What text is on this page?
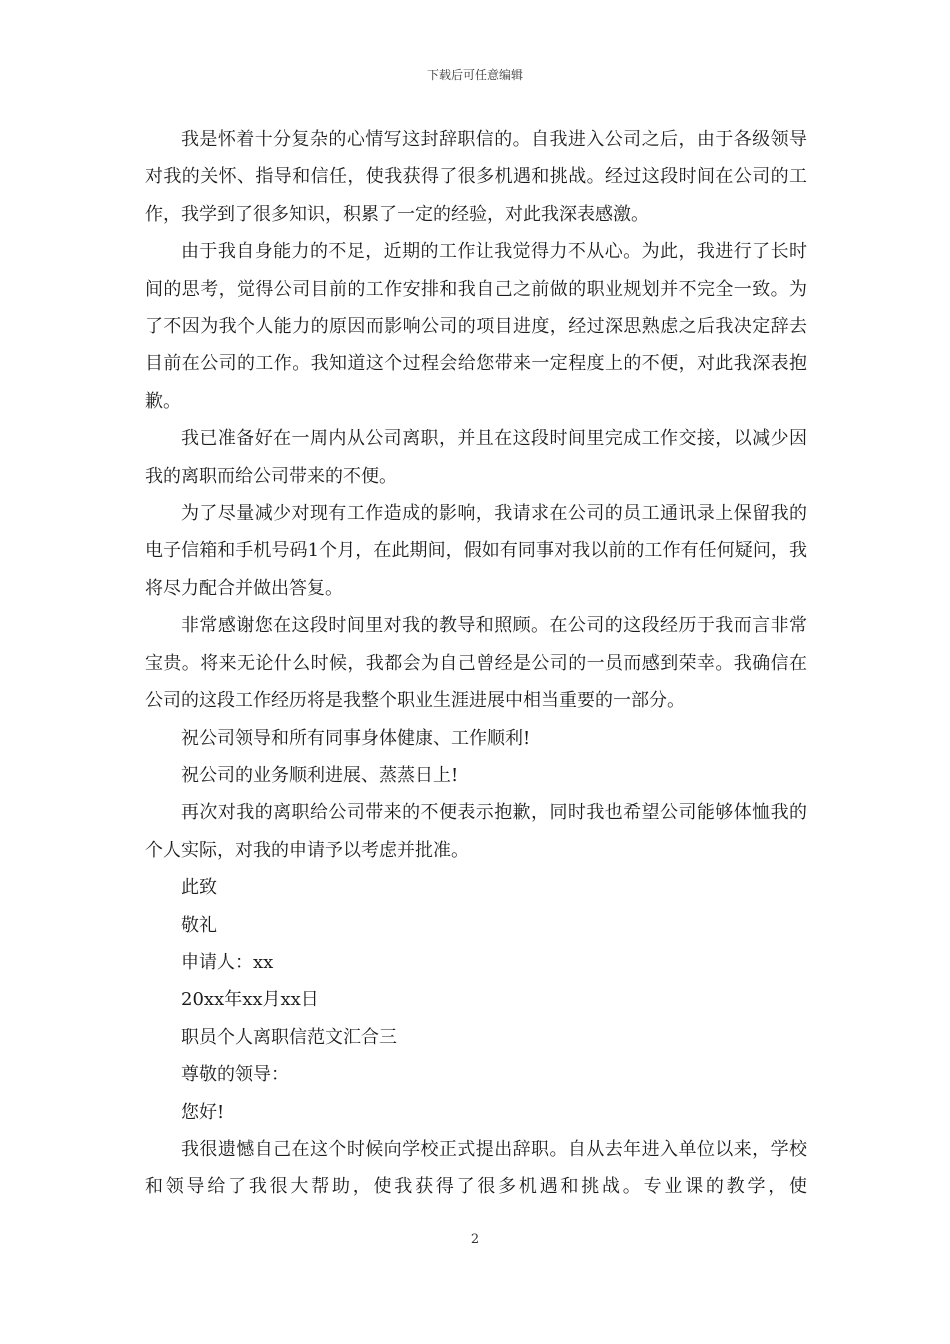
下载后可任意编辑

我是怀着十分复杂的心情写这封辞职信的。自我进入公司之后，由于各级领导对我的关怀、指导和信任，使我获得了很多机遇和挑战。经过这段时间在公司的工作，我学到了很多知识，积累了一定的经验，对此我深表感激。

由于我自身能力的不足，近期的工作让我觉得力不从心。为此，我进行了长时间的思考，觉得公司目前的工作安排和我自己之前做的职业规划并不完全一致。为了不因为我个人能力的原因而影响公司的项目进度，经过深思熟虑之后我决定辞去目前在公司的工作。我知道这个过程会给您带来一定程度上的不便，对此我深表抱歉。

我已准备好在一周内从公司离职，并且在这段时间里完成工作交接，以减少因我的离职而给公司带来的不便。

为了尽量减少对现有工作造成的影响，我请求在公司的员工通讯录上保留我的电子信箱和手机号码1个月，在此期间，假如有同事对我以前的工作有任何疑问，我将尽力配合并做出答复。

非常感谢您在这段时间里对我的教导和照顾。在公司的这段经历于我而言非常宝贵。将来无论什么时候，我都会为自己曾经是公司的一员而感到荣幸。我确信在公司的这段工作经历将是我整个职业生涯进展中相当重要的一部分。

祝公司领导和所有同事身体健康、工作顺利!

祝公司的业务顺利进展、蒸蒸日上!

再次对我的离职给公司带来的不便表示抱歉，同时我也希望公司能够体恤我的个人实际，对我的申请予以考虑并批准。

此致

敬礼

申请人：xx

20xx年xx月xx日

职员个人离职信范文汇合三

尊敬的领导：

您好!

我很遗憾自己在这个时候向学校正式提出辞职。自从去年进入单位以来，学校和领导给了我很大帮助，使我获得了很多机遇和挑战。专业课的教学，使

2
